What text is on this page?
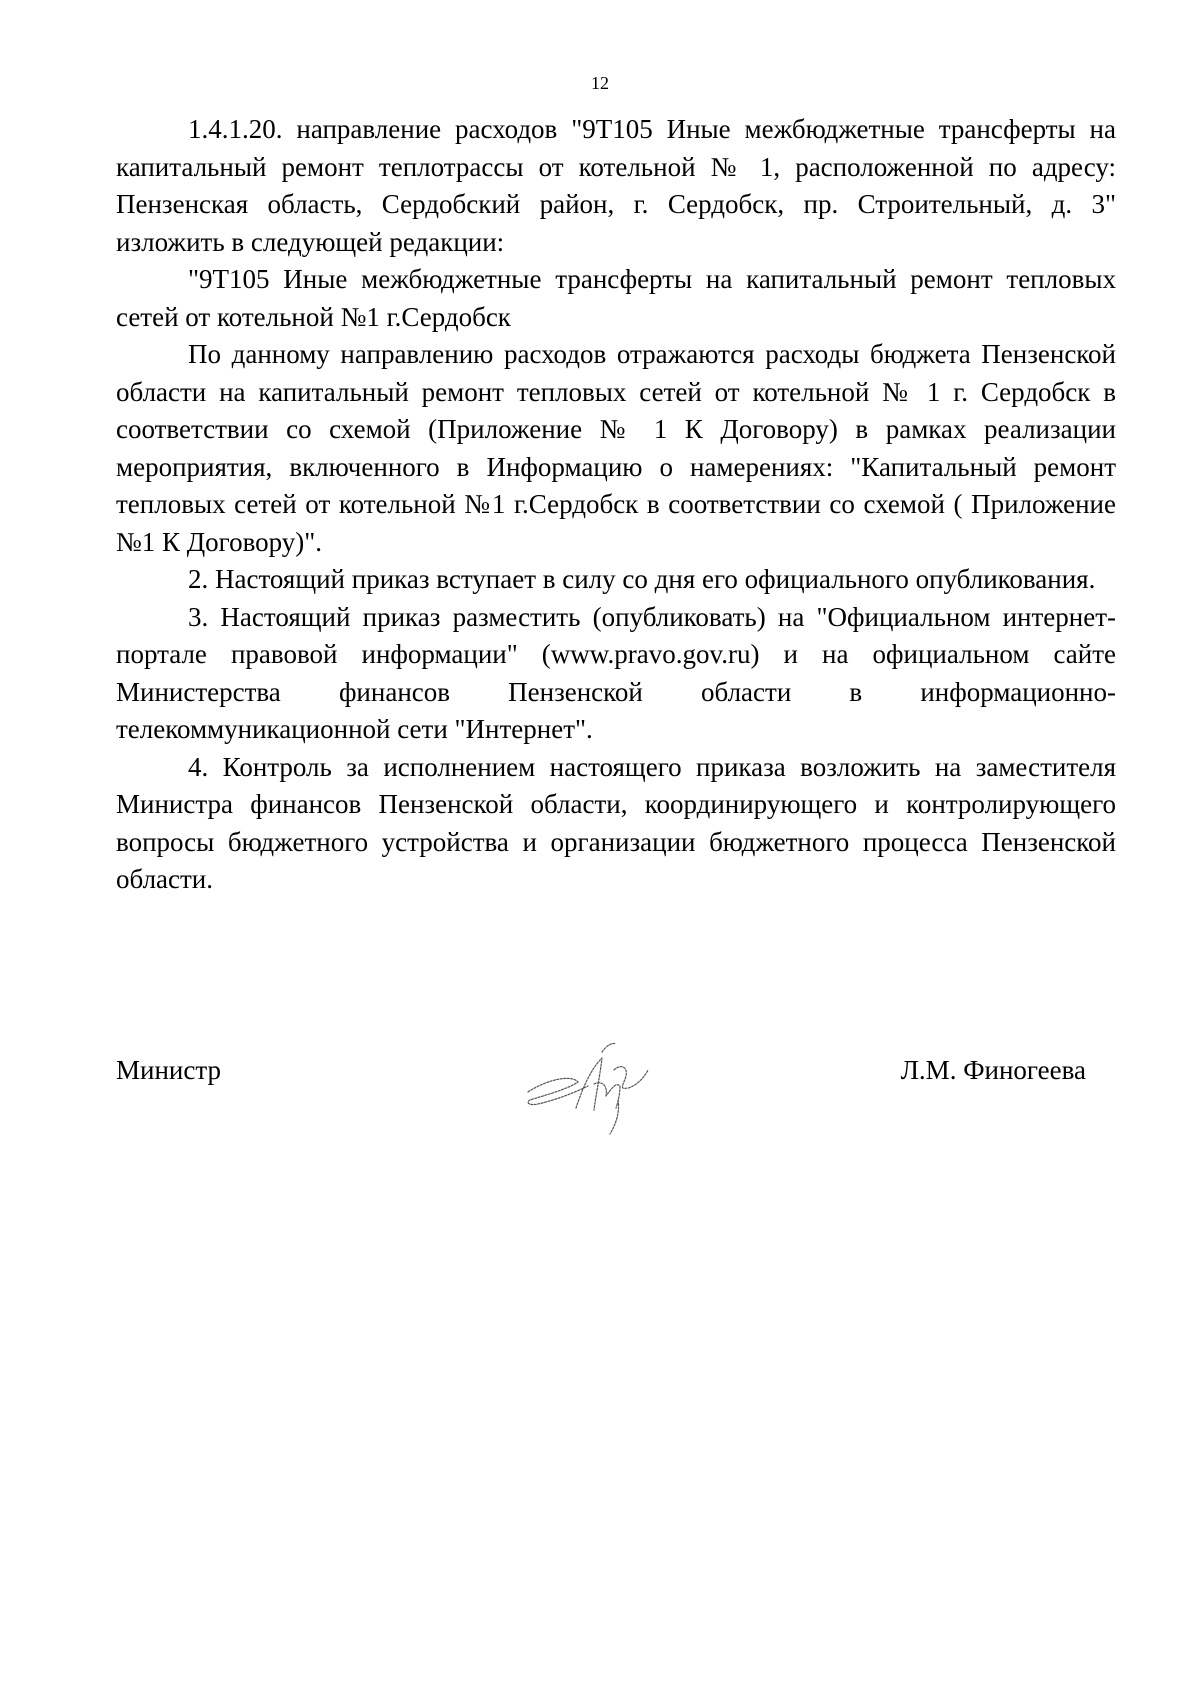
12

1.4.1.20. направление расходов "9Т105 Иные межбюджетные трансферты на капитальный ремонт теплотрассы от котельной № 1, расположенной по адресу: Пензенская область, Сердобский район, г. Сердобск, пр. Строительный, д. 3" изложить в следующей редакции:

"9Т105 Иные межбюджетные трансферты на капитальный ремонт тепловых сетей от котельной №1 г.Сердобск

По данному направлению расходов отражаются расходы бюджета Пензенской области на капитальный ремонт тепловых сетей от котельной № 1 г. Сердобск в соответствии со схемой (Приложение № 1 К Договору) в рамках реализации мероприятия, включенного в Информацию о намерениях: "Капитальный ремонт тепловых сетей от котельной №1 г.Сердобск в соответствии со схемой ( Приложение №1 К Договору)".

2. Настоящий приказ вступает в силу со дня его официального опубликования.

3. Настоящий приказ разместить (опубликовать) на "Официальном интернет-портале правовой информации" (www.pravo.gov.ru) и на официальном сайте Министерства финансов Пензенской области в информационно-телекоммуникационной сети "Интернет".

4. Контроль за исполнением настоящего приказа возложить на заместителя Министра финансов Пензенской области, координирующего и контролирующего вопросы бюджетного устройства и организации бюджетного процесса Пензенской области.

Министр	Л.М. Финогеева
